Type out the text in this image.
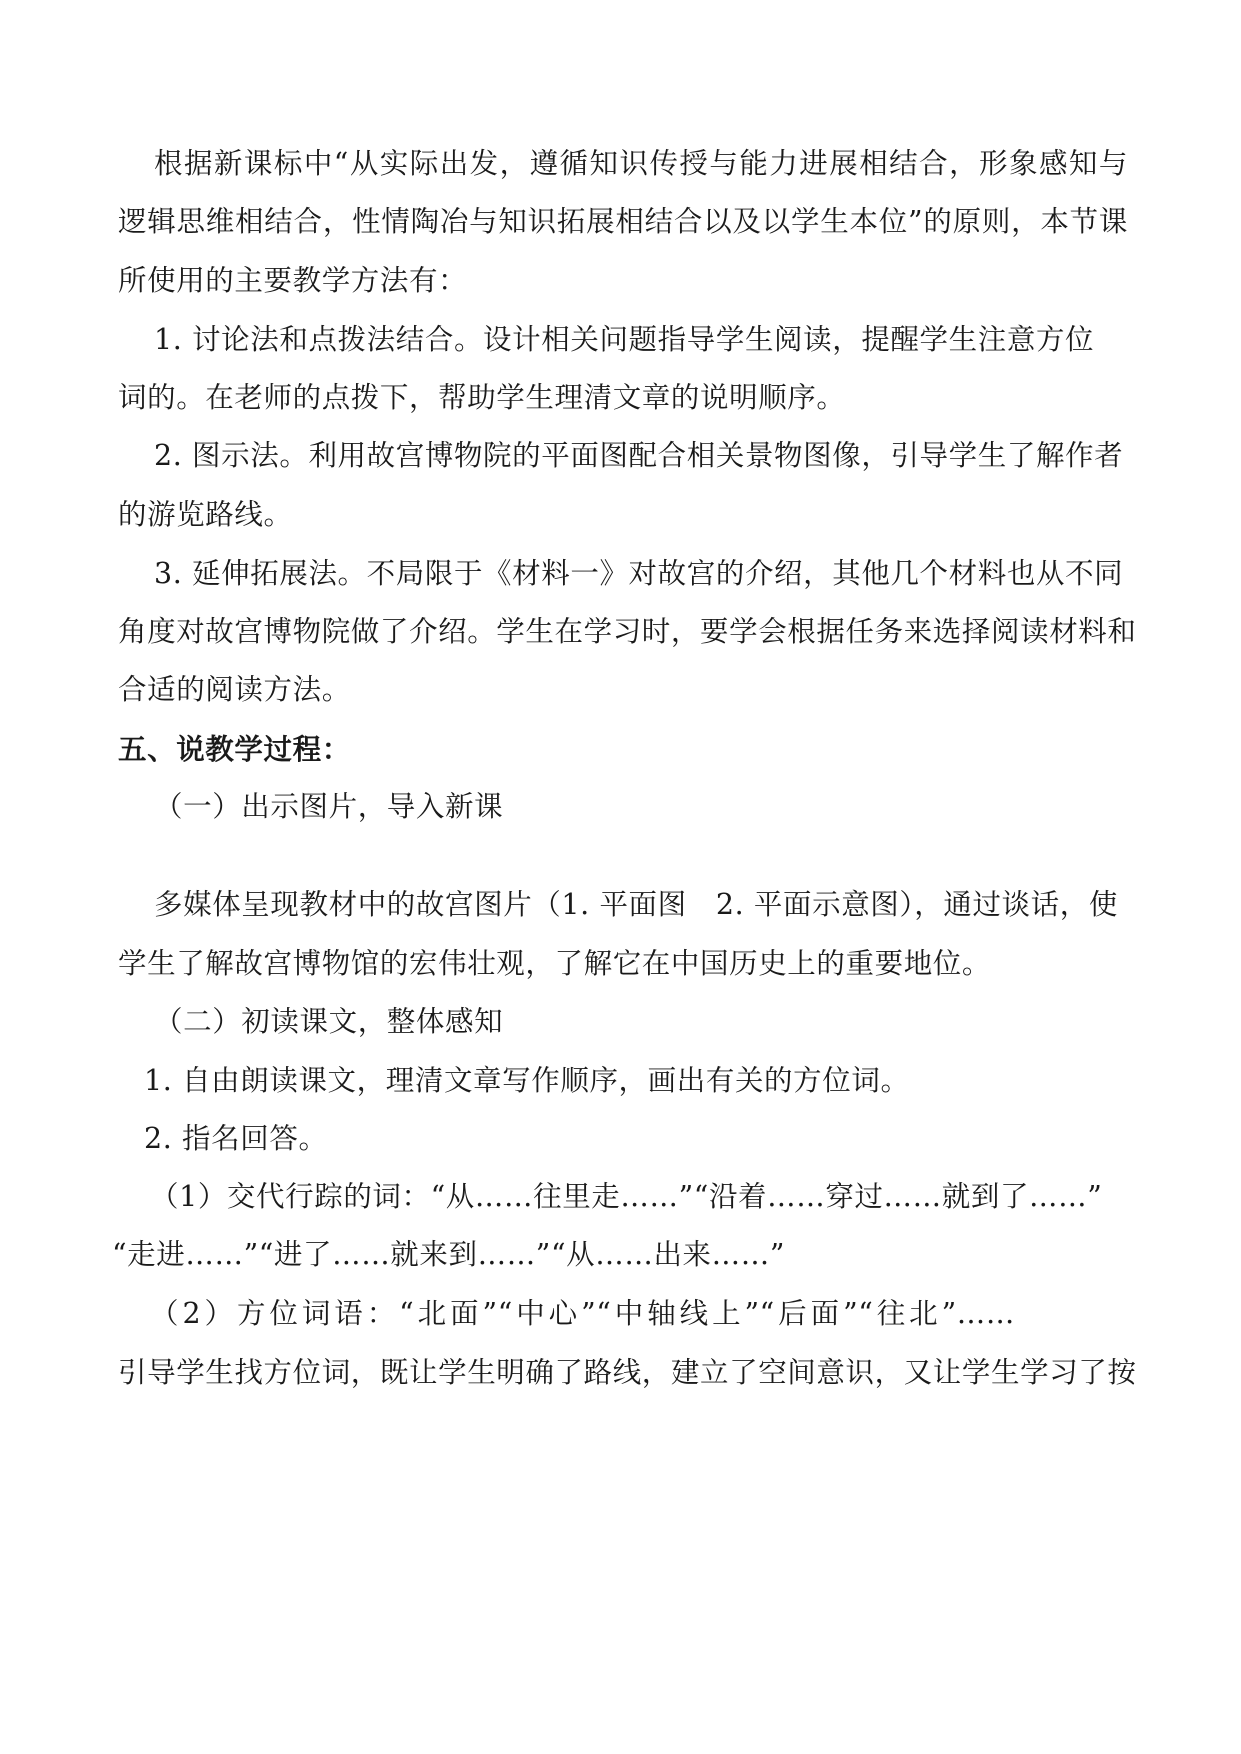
根据新课标中“从实际出发，遵循知识传授与能力进展相结合，形象感知与
逻辑思维相结合，性情陶冶与知识拓展相结合以及以学生本位”的原则，本节课
所使用的主要教学方法有：
1. 讨论法和点拨法结合。设计相关问题指导学生阅读，提醒学生注意方位
词的。在老师的点拨下，帮助学生理清文章的说明顺序。
2. 图示法。利用故宫博物院的平面图配合相关景物图像，引导学生了解作者
的游览路线。
3. 延伸拓展法。不局限于《材料一》对故宫的介绍，其他几个材料也从不同
角度对故宫博物院做了介绍。学生在学习时，要学会根据任务来选择阅读材料和
合适的阅读方法。
五、说教学过程：
（一）出示图片，导入新课
多媒体呈现教材中的故宫图片（1. 平面图　2. 平面示意图），通过谈话，使
学生了解故宫博物馆的宏伟壮观，了解它在中国历史上的重要地位。
（二）初读课文，整体感知
1. 自由朗读课文，理清文章写作顺序，画出有关的方位词。
2. 指名回答。
（1）交代行踪的词：“从……往里走……”“沿着……穿过……就到了……”
“走进……”“进了……就来到……”“从……出来……”
（2）方位词语：“北面”“中心”“中轴线上”“后面”“往北”……
引导学生找方位词，既让学生明确了路线，建立了空间意识，又让学生学习了按
